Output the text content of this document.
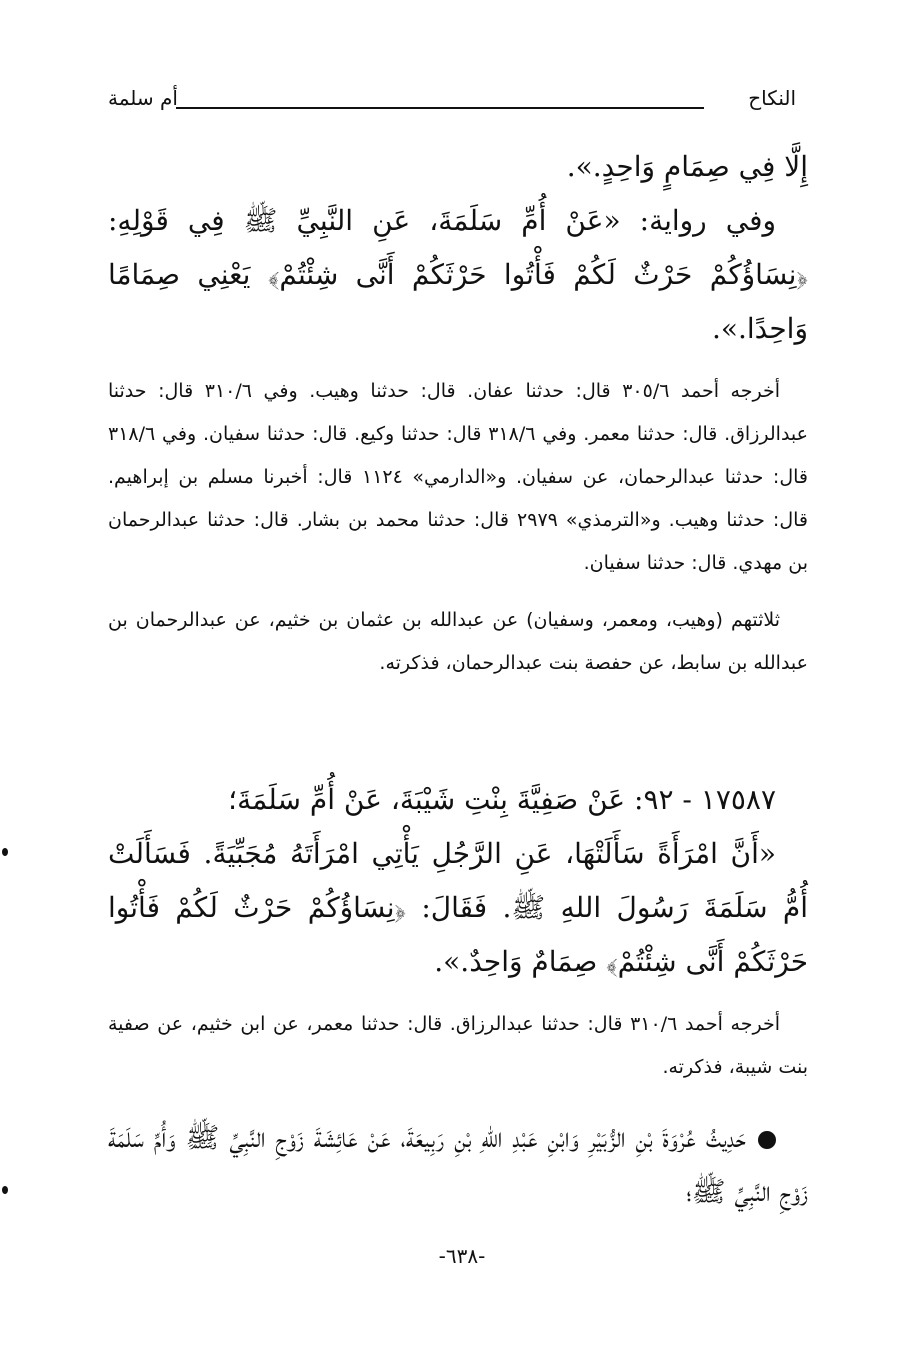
النكاح
أم سلمة

إِلَّا فِي صِمَامٍ وَاحِدٍ.».

وفي رواية: «عَنْ أُمِّ سَلَمَةَ، عَنِ النَّبِيِّ ﷺ فِي قَوْلِهِ: ﴿نِسَاؤُكُمْ حَرْثٌ لَكُمْ فَأْتُوا حَرْثَكُمْ أَنَّى شِئْتُمْ﴾ يَعْنِي صِمَامًا وَاحِدًا.».

أخرجه أحمد ٣٠٥/٦ قال: حدثنا عفان. قال: حدثنا وهيب. وفي ٣١٠/٦ قال: حدثنا عبدالرزاق. قال: حدثنا معمر. وفي ٣١٨/٦ قال: حدثنا وكيع. قال: حدثنا سفيان. وفي ٣١٨/٦ قال: حدثنا عبدالرحمان، عن سفيان. و«الدارمي» ١١٢٤ قال: أخبرنا مسلم بن إبراهيم. قال: حدثنا وهيب. و«الترمذي» ٢٩٧٩ قال: حدثنا محمد بن بشار. قال: حدثنا عبدالرحمان بن مهدي. قال: حدثنا سفيان.

ثلاثتهم (وهيب، ومعمر، وسفيان) عن عبدالله بن عثمان بن خثيم، عن عبدالرحمان بن عبدالله بن سابط، عن حفصة بنت عبدالرحمان، فذكرته.

١٧٥٨٧ - ٩٢: عَنْ صَفِيَّةَ بِنْتِ شَيْبَةَ، عَنْ أُمِّ سَلَمَةَ؛

«أَنَّ امْرَأَةً سَأَلَتْهَا، عَنِ الرَّجُلِ يَأْتِي امْرَأَتَهُ مُجَبِّيَةً. فَسَأَلَتْ أُمُّ سَلَمَةَ رَسُولَ اللهِ ﷺ. فَقَالَ: ﴿نِسَاؤُكُمْ حَرْثٌ لَكُمْ فَأْتُوا حَرْثَكُمْ أَنَّى شِئْتُمْ﴾ صِمَامٌ وَاحِدٌ.».

أخرجه أحمد ٣١٠/٦ قال: حدثنا عبدالرزاق. قال: حدثنا معمر، عن ابن خثيم، عن صفية بنت شيبة، فذكرته.

حَدِيثُ عُرْوَةَ بْنِ الزُّبَيْرِ وَابْنِ عَبْدِ اللهِ بْنِ رَبِيعَةَ، عَنْ عَائِشَةَ زَوْجِ النَّبِيِّ ﷺ وَأُمِّ سَلَمَةَ زَوْجِ النَّبِيِّ ﷺ؛

-٦٣٨-
